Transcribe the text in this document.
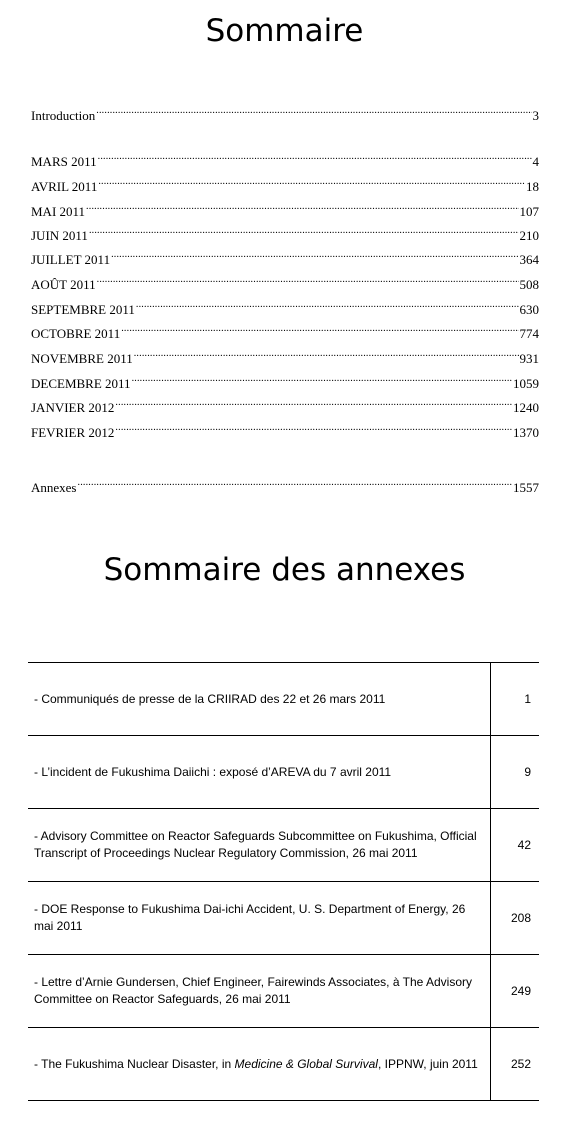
Sommaire
Introduction .....	3
MARS 2011 .....	4
AVRIL 2011 .....	18
MAI 2011 .....	107
JUIN 2011 .....	210
JUILLET 2011 .....	364
AOÛT 2011 .....	508
SEPTEMBRE 2011 .....	630
OCTOBRE 2011 .....	774
NOVEMBRE 2011 .....	931
DECEMBRE 2011 .....	1059
JANVIER 2012 .....	1240
FEVRIER 2012 .....	1370
Annexes .....	1557
Sommaire des annexes
- Communiqués de presse de la CRIIRAD des 22 et 26 mars 2011	1
- L’incident de Fukushima Daiichi : exposé d’AREVA du 7 avril 2011	9
- Advisory Committee on Reactor Safeguards Subcommittee on Fukushima, Official Transcript of Proceedings Nuclear Regulatory Commission, 26 mai 2011	42
- DOE Response to Fukushima Dai-ichi Accident, U. S. Department of Energy, 26 mai 2011	208
- Lettre d’Arnie Gundersen, Chief Engineer, Fairewinds Associates, à The Advisory Committee on Reactor Safeguards, 26 mai 2011	249
- The Fukushima Nuclear Disaster, in Medicine & Global Survival, IPPNW, juin 2011	252
